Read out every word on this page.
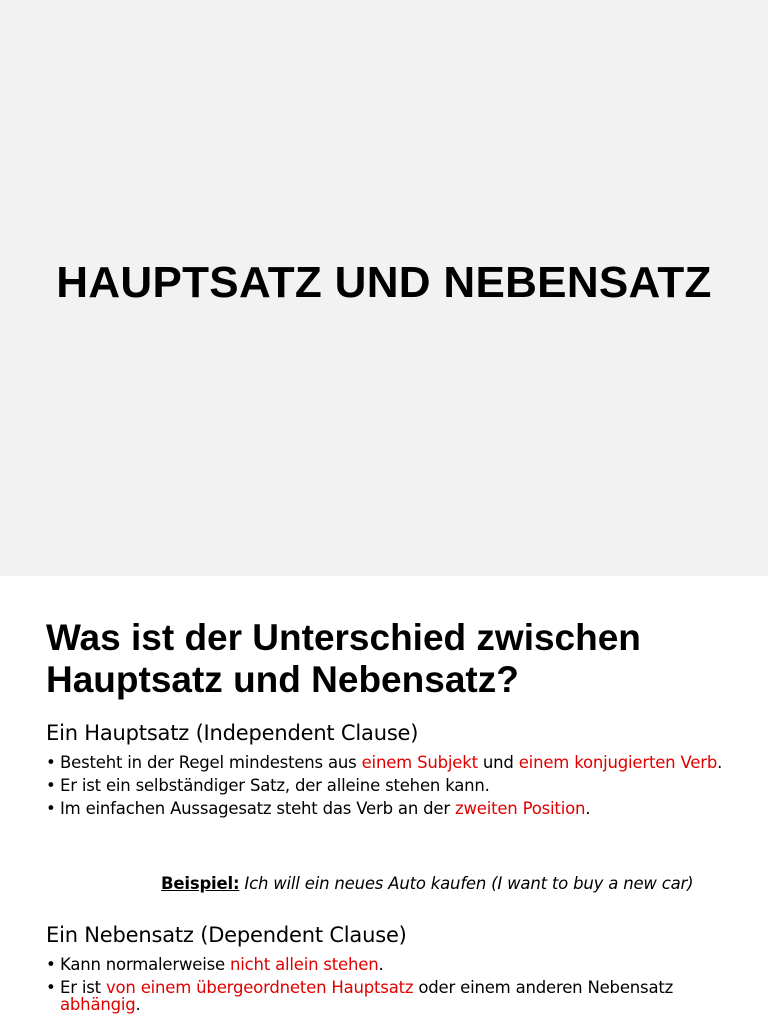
HAUPTSATZ UND NEBENSATZ
Was ist der Unterschied zwischen
Hauptsatz und Nebensatz?
Ein Hauptsatz (Independent Clause)
• Besteht in der Regel mindestens aus einem Subjekt und einem konjugierten Verb.
• Er ist ein selbständiger Satz, der alleine stehen kann.
• Im einfachen Aussagesatz steht das Verb an der zweiten Position.
Beispiel: Ich will ein neues Auto kaufen (I want to buy a new car)
Ein Nebensatz (Dependent Clause)
• Kann normalerweise nicht allein stehen.
• Er ist von einem übergeordneten Hauptsatz oder einem anderen Nebensatz abhängig.
